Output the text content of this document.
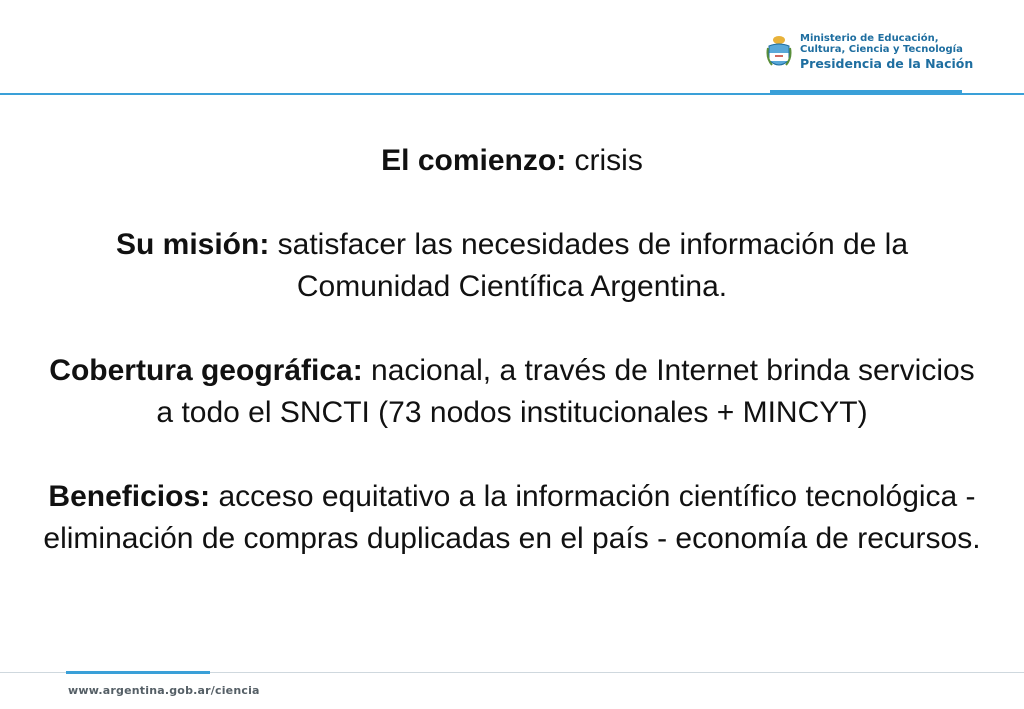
Ministerio de Educación,
Cultura, Ciencia y Tecnología
Presidencia de la Nación

El comienzo: crisis

Su misión: satisfacer las necesidades de información de la Comunidad Científica Argentina.

Cobertura geográfica: nacional, a través de Internet brinda servicios a todo el SNCTI (73 nodos institucionales + MINCYT)

Beneficios: acceso equitativo a la información científico tecnológica - eliminación de compras duplicadas en el país - economía de recursos.

www.argentina.gob.ar/ciencia
